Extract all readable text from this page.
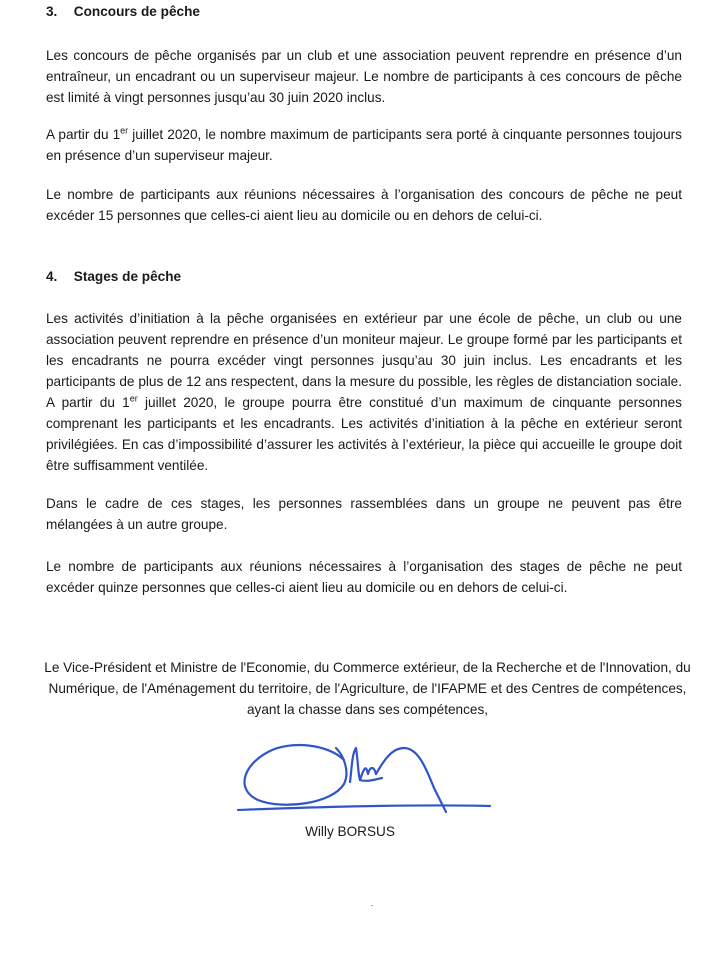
3. Concours de pêche

Les concours de pêche organisés par un club et une association peuvent reprendre en présence d’un entraîneur, un encadrant ou un superviseur majeur. Le nombre de participants à ces concours de pêche est limité à vingt personnes jusqu’au 30 juin 2020 inclus.

A partir du 1er juillet 2020, le nombre maximum de participants sera porté à cinquante personnes toujours en présence d’un superviseur majeur.

Le nombre de participants aux réunions nécessaires à l’organisation des concours de pêche ne peut excéder 15 personnes que celles-ci aient lieu au domicile ou en dehors de celui-ci.

4. Stages de pêche

Les activités d’initiation à la pêche organisées en extérieur par une école de pêche, un club ou une association peuvent reprendre en présence d’un moniteur majeur. Le groupe formé par les participants et les encadrants ne pourra excéder vingt personnes jusqu’au 30 juin inclus. Les encadrants et les participants de plus de 12 ans respectent, dans la mesure du possible, les règles de distanciation sociale. A partir du 1er juillet 2020, le groupe pourra être constitué d’un maximum de cinquante personnes comprenant les participants et les encadrants. Les activités d’initiation à la pêche en extérieur seront privilégiées. En cas d’impossibilité d’assurer les activités à l’extérieur, la pièce qui accueille le groupe doit être suffisamment ventilée.

Dans le cadre de ces stages, les personnes rassemblées dans un groupe ne peuvent pas être mélangées à un autre groupe.

Le nombre de participants aux réunions nécessaires à l’organisation des stages de pêche ne peut excéder quinze personnes que celles-ci aient lieu au domicile ou en dehors de celui-ci.

Le Vice-Président et Ministre de l'Economie, du Commerce extérieur, de la Recherche et de l'Innovation, du Numérique, de l'Aménagement du territoire, de l'Agriculture, de l'IFAPME et des Centres de compétences, ayant la chasse dans ses compétences,

Willy BORSUS
